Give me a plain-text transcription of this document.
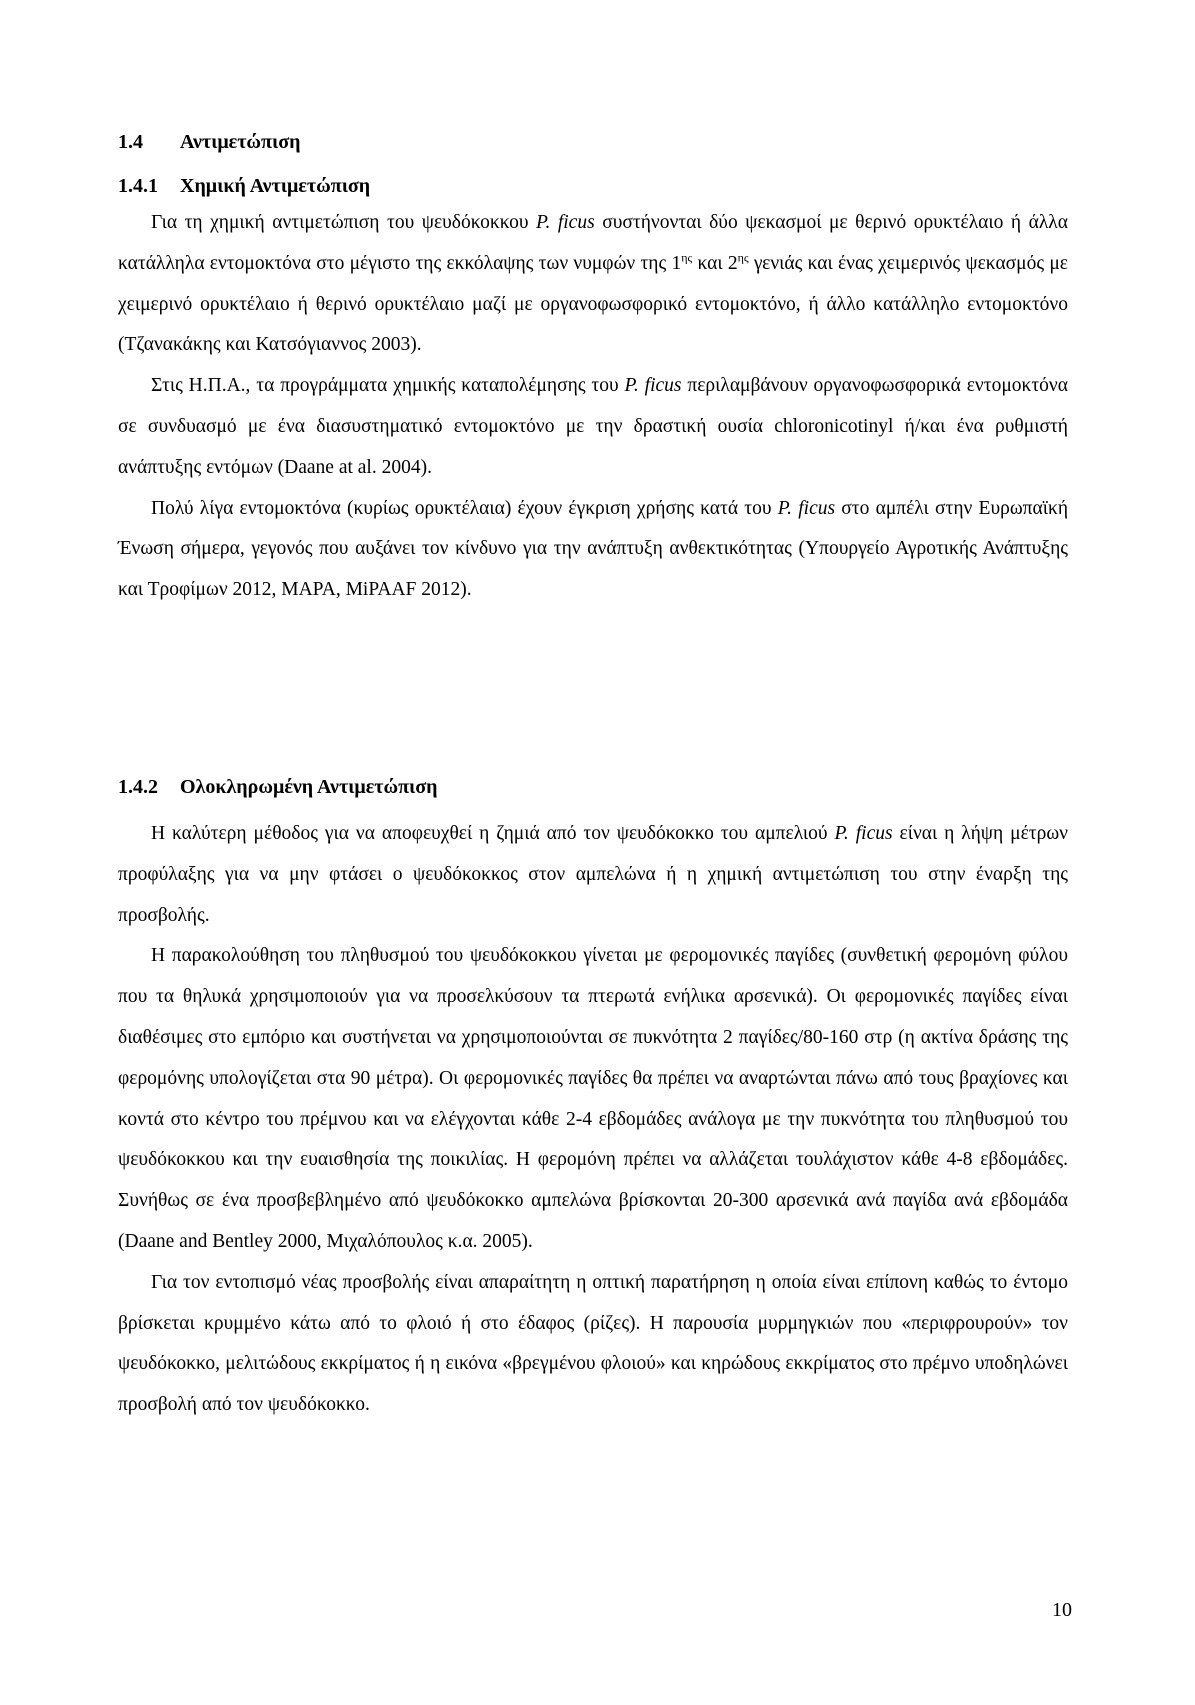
1.4 Αντιμετώπιση
1.4.1 Χημική Αντιμετώπιση

Για τη χημική αντιμετώπιση του ψευδόκοκκου P. ficus συστήνονται δύο ψεκασμοί με θερινό ορυκτέλαιο ή άλλα κατάλληλα εντομοκτόνα στο μέγιστο της εκκόλαψης των νυμφών της $1^{\eta\varsigma}$ και $2^{\eta\varsigma}$ γενιάς και ένας χειμερινός ψεκασμός με χειμερινό ορυκτέλαιο ή θερινό ορυκτέλαιο μαζί με οργανοφωσφορικό εντομοκτόνο, ή άλλο κατάλληλο εντομοκτόνο (Τζανακάκης και Κατσόγιαννος 2003).

Στις Η.Π.Α., τα προγράμματα χημικής καταπολέμησης του P. ficus περιλαμβάνουν οργανοφωσφορικά εντομοκτόνα σε συνδυασμό με ένα διασυστηματικό εντομοκτόνο με την δραστική ουσία chloronicotinyl ή/και ένα ρυθμιστή ανάπτυξης εντόμων (Daane at al. 2004).

Πολύ λίγα εντομοκτόνα (κυρίως ορυκτέλαια) έχουν έγκριση χρήσης κατά του P. ficus στο αμπέλι στην Ευρωπαϊκή Ένωση σήμερα, γεγονός που αυξάνει τον κίνδυνο για την ανάπτυξη ανθεκτικότητας (Υπουργείο Αγροτικής Ανάπτυξης και Τροφίμων 2012, MAPA, MiPAAF 2012).

1.4.2 Ολοκληρωμένη Αντιμετώπιση

Η καλύτερη μέθοδος για να αποφευχθεί η ζημιά από τον ψευδόκοκκο του αμπελιού P. ficus είναι η λήψη μέτρων προφύλαξης για να μην φτάσει ο ψευδόκοκκος στον αμπελώνα ή η χημική αντιμετώπιση του στην έναρξη της προσβολής.

Η παρακολούθηση του πληθυσμού του ψευδόκοκκου γίνεται με φερομονικές παγίδες (συνθετική φερομόνη φύλου που τα θηλυκά χρησιμοποιούν για να προσελκύσουν τα πτερωτά ενήλικα αρσενικά). Οι φερομονικές παγίδες είναι διαθέσιμες στο εμπόριο και συστήνεται να χρησιμοποιούνται σε πυκνότητα 2 παγίδες/80-160 στρ (η ακτίνα δράσης της φερομόνης υπολογίζεται στα 90 μέτρα). Οι φερομονικές παγίδες θα πρέπει να αναρτώνται πάνω από τους βραχίονες και κοντά στο κέντρο του πρέμνου και να ελέγχονται κάθε 2-4 εβδομάδες ανάλογα με την πυκνότητα του πληθυσμού του ψευδόκοκκου και την ευαισθησία της ποικιλίας. Η φερομόνη πρέπει να αλλάζεται τουλάχιστον κάθε 4-8 εβδομάδες. Συνήθως σε ένα προσβεβλημένο από ψευδόκοκκο αμπελώνα βρίσκονται 20-300 αρσενικά ανά παγίδα ανά εβδομάδα (Daane and Bentley 2000, Μιχαλόπουλος κ.α. 2005).

Για τον εντοπισμό νέας προσβολής είναι απαραίτητη η οπτική παρατήρηση η οποία είναι επίπονη καθώς το έντομο βρίσκεται κρυμμένο κάτω από το φλοιό ή στο έδαφος (ρίζες). Η παρουσία μυρμηγκιών που «περιφρουρούν» τον ψευδόκοκκο, μελιτώδους εκκρίματος ή η εικόνα «βρεγμένου φλοιού» και κηρώδους εκκρίματος στο πρέμνο υποδηλώνει προσβολή από τον ψευδόκοκκο.

10
